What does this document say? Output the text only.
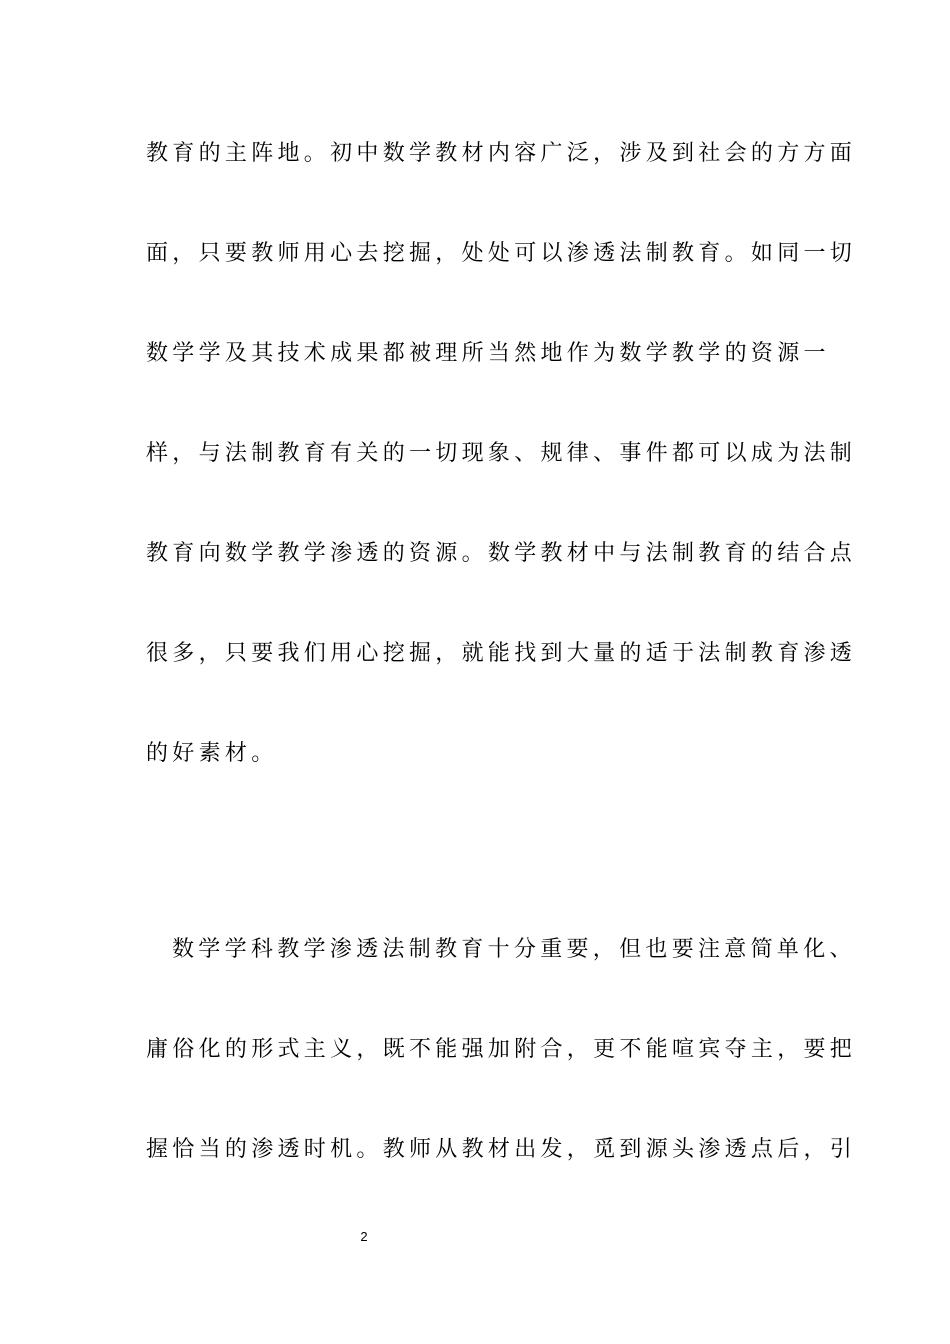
教育的主阵地。初中数学教材内容广泛，涉及到社会的方方面
面，只要教师用心去挖掘，处处可以渗透法制教育。如同一切
数学学及其技术成果都被理所当然地作为数学教学的资源一
样，与法制教育有关的一切现象、规律、事件都可以成为法制
教育向数学教学渗透的资源。数学教材中与法制教育的结合点
很多，只要我们用心挖掘，就能找到大量的适于法制教育渗透
的好素材。
数学学科教学渗透法制教育十分重要，但也要注意简单化、
庸俗化的形式主义，既不能强加附合，更不能喧宾夺主，要把
握恰当的渗透时机。教师从教材出发，觅到源头渗透点后，引
2
